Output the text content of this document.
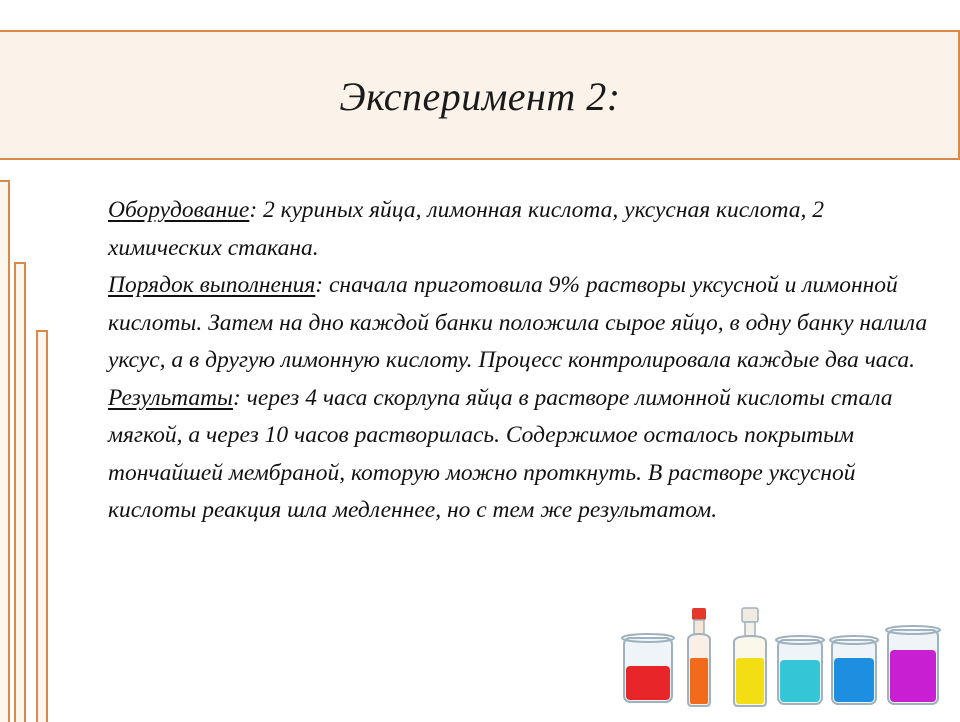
Эксперимент 2:

Оборудование: 2 куриных яйца, лимонная кислота, уксусная кислота, 2 химических стакана.

Порядок выполнения: сначала приготовила 9% растворы уксусной и лимонной кислоты. Затем на дно каждой банки положила сырое яйцо, в одну банку налила уксус, а в другую лимонную кислоту. Процесс контролировала каждые два часа.

Результаты: через 4 часа скорлупа яйца в растворе лимонной кислоты стала мягкой, а через 10 часов растворилась. Содержимое осталось покрытым тончайшей мембраной, которую можно проткнуть. В растворе уксусной кислоты реакция шла медленнее, но с тем же результатом.
